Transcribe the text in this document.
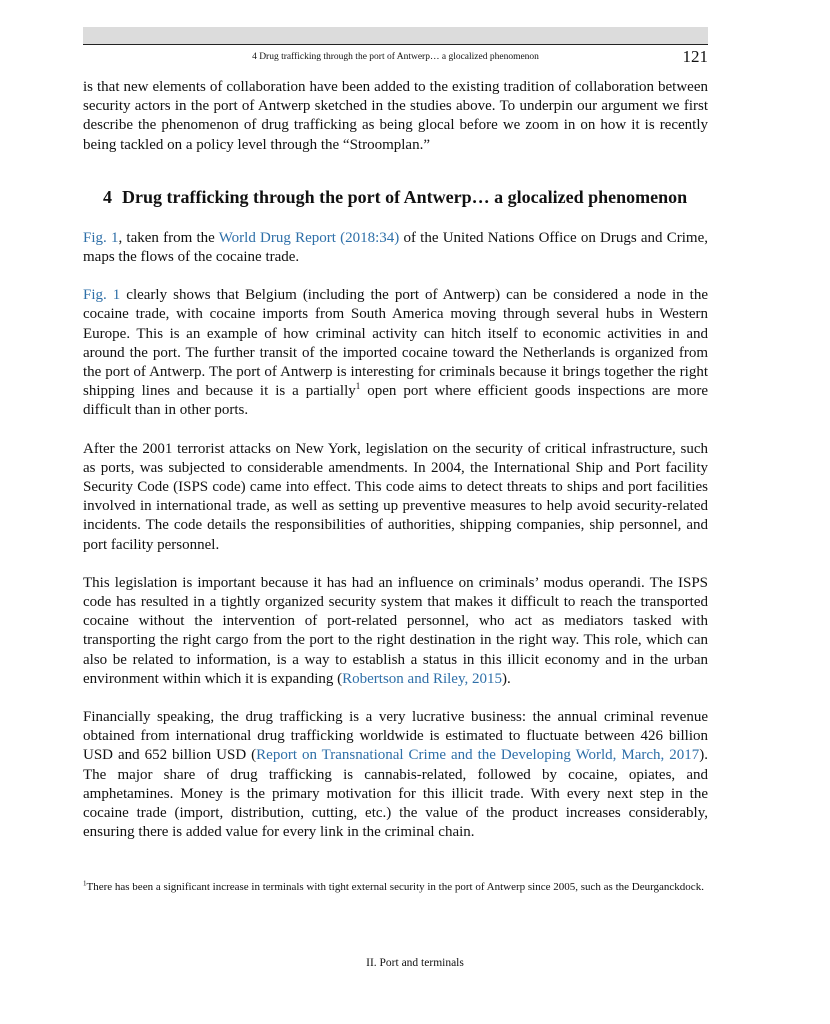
4 Drug trafficking through the port of Antwerp… a glocalized phenomenon	121

is that new elements of collaboration have been added to the existing tradition of collaboration between security actors in the port of Antwerp sketched in the studies above. To underpin our argument we first describe the phenomenon of drug trafficking as being glocal before we zoom in on how it is recently being tackled on a policy level through the “Stroomplan.”

4 Drug trafficking through the port of Antwerp… a glocalized phenomenon

Fig. 1, taken from the World Drug Report (2018:34) of the United Nations Office on Drugs and Crime, maps the flows of the cocaine trade.

Fig. 1 clearly shows that Belgium (including the port of Antwerp) can be considered a node in the cocaine trade, with cocaine imports from South America moving through several hubs in Western Europe. This is an example of how criminal activity can hitch itself to economic activities in and around the port. The further transit of the imported cocaine toward the Netherlands is organized from the port of Antwerp. The port of Antwerp is interesting for criminals because it brings together the right shipping lines and because it is a partially$^1$ open port where efficient goods inspections are more difficult than in other ports.

After the 2001 terrorist attacks on New York, legislation on the security of critical infrastructure, such as ports, was subjected to considerable amendments. In 2004, the International Ship and Port facility Security Code (ISPS code) came into effect. This code aims to detect threats to ships and port facilities involved in international trade, as well as setting up preventive measures to help avoid security-related incidents. The code details the responsibilities of authorities, shipping companies, ship personnel, and port facility personnel.

This legislation is important because it has had an influence on criminals’ modus operandi. The ISPS code has resulted in a tightly organized security system that makes it difficult to reach the transported cocaine without the intervention of port-related personnel, who act as mediators tasked with transporting the right cargo from the port to the right destination in the right way. This role, which can also be related to information, is a way to establish a status in this illicit economy and in the urban environment within which it is expanding (Robertson and Riley, 2015).

Financially speaking, the drug trafficking is a very lucrative business: the annual criminal revenue obtained from international drug trafficking worldwide is estimated to fluctuate between 426 billion USD and 652 billion USD (Report on Transnational Crime and the Developing World, March, 2017). The major share of drug trafficking is cannabis-related, followed by cocaine, opiates, and amphetamines. Money is the primary motivation for this illicit trade. With every next step in the cocaine trade (import, distribution, cutting, etc.) the value of the product increases considerably, ensuring there is added value for every link in the criminal chain.

$^1$There has been a significant increase in terminals with tight external security in the port of Antwerp since 2005, such as the Deurganckdock.
II. Port and terminals
